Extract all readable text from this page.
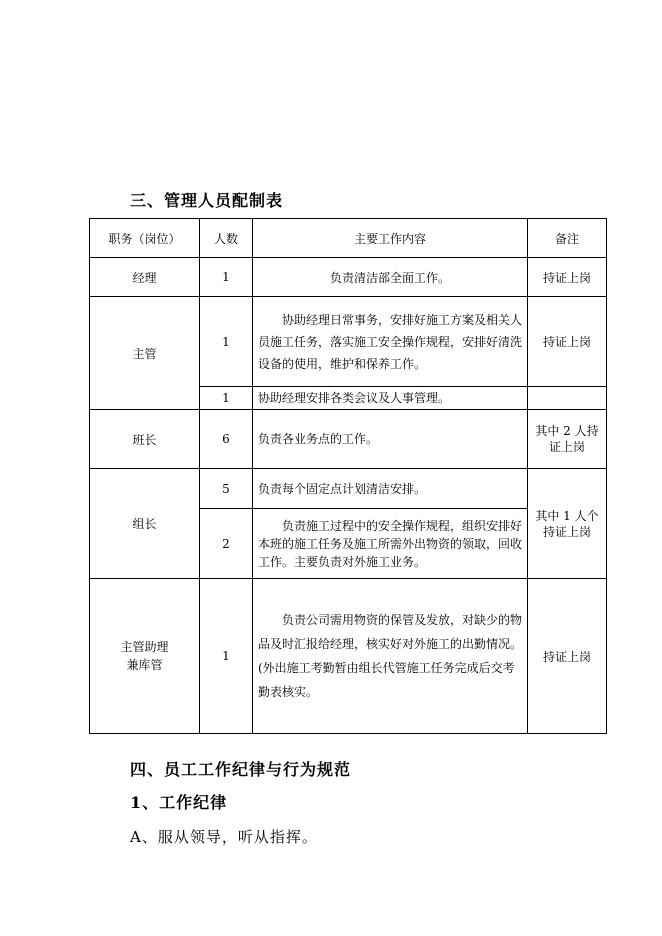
三、管理人员配制表
职务（岗位）	人数	主要工作内容	备注
经理	1	负责清洁部全面工作。	持证上岗
主管	1	协助经理日常事务，安排好施工方案及相关人员施工任务，落实施工安全操作规程，安排好清洗设备的使用，维护和保养工作。	持证上岗
	1	协助经理安排各类会议及人事管理。	
班长	6	负责各业务点的工作。	其中 2 人持证上岗
组长	5	负责每个固定点计划清洁安排。	其中 1 人个持证上岗
	2	负责施工过程中的安全操作规程，组织安排好本班的施工任务及施工所需外出物资的领取，回收工作。主要负责对外施工业务。	

主管助理
兼库管	1	负责公司需用物资的保管及发放，对缺少的物品及时汇报给经理，核实好对外施工的出勤情况。(外出施工考勤暂由组长代管施工任务完成后交考勤表核实。	持证上岗
四、员工工作纪律与行为规范
1、工作纪律
A、服从领导，听从指挥。
